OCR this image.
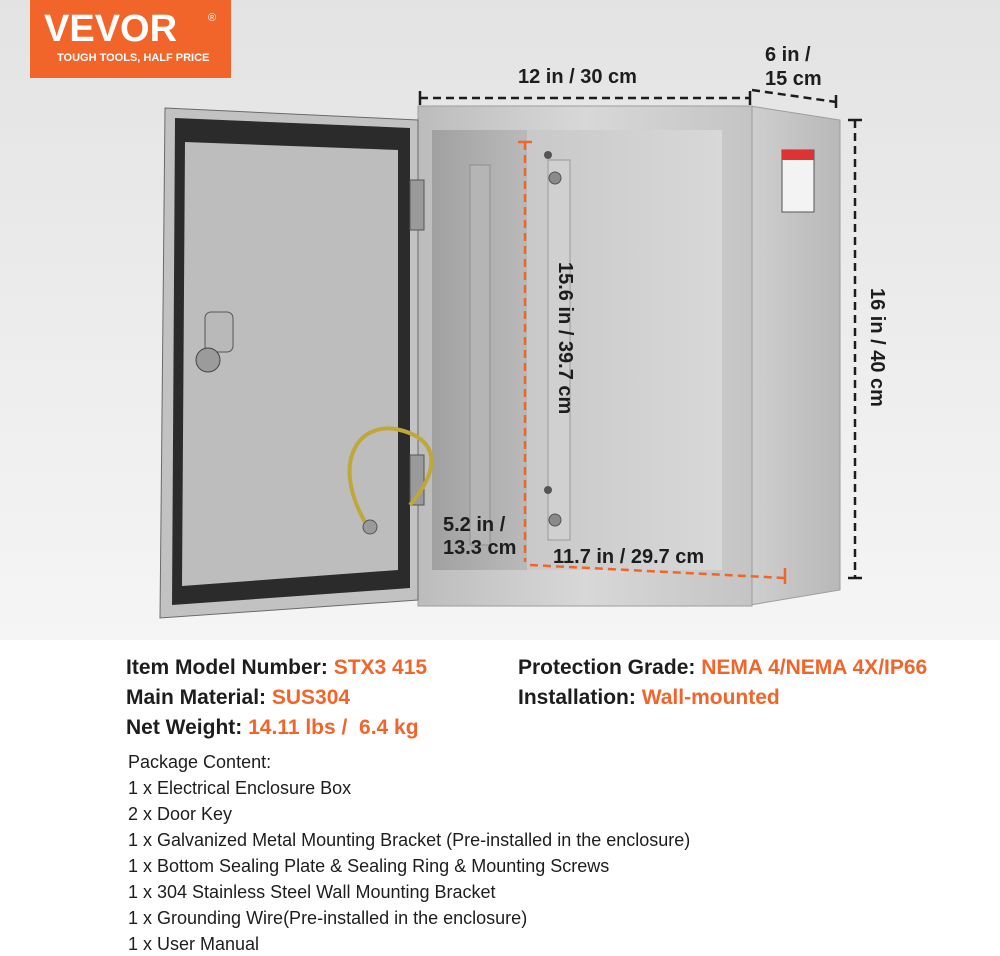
VEVOR	®
TOUGH TOOLS, HALF PRICE
12 in / 30 cm
6 in /
15 cm
16 in / 40 cm
15.6 in / 39.7 cm
5.2 in /
13.3 cm 11.7 in / 29.7 cm
Item Model Number: STX3 415
Main Material: SUS304
Net Weight: 14.11 lbs /  6.4 kg
Protection Grade: NEMA 4/NEMA 4X/IP66
Installation: Wall-mounted
Package Content:
1 x Electrical Enclosure Box
2 x Door Key
1 x Galvanized Metal Mounting Bracket (Pre-installed in the enclosure)
1 x Bottom Sealing Plate & Sealing Ring & Mounting Screws
1 x 304 Stainless Steel Wall Mounting Bracket
1 x Grounding Wire(Pre-installed in the enclosure)
1 x User Manual
